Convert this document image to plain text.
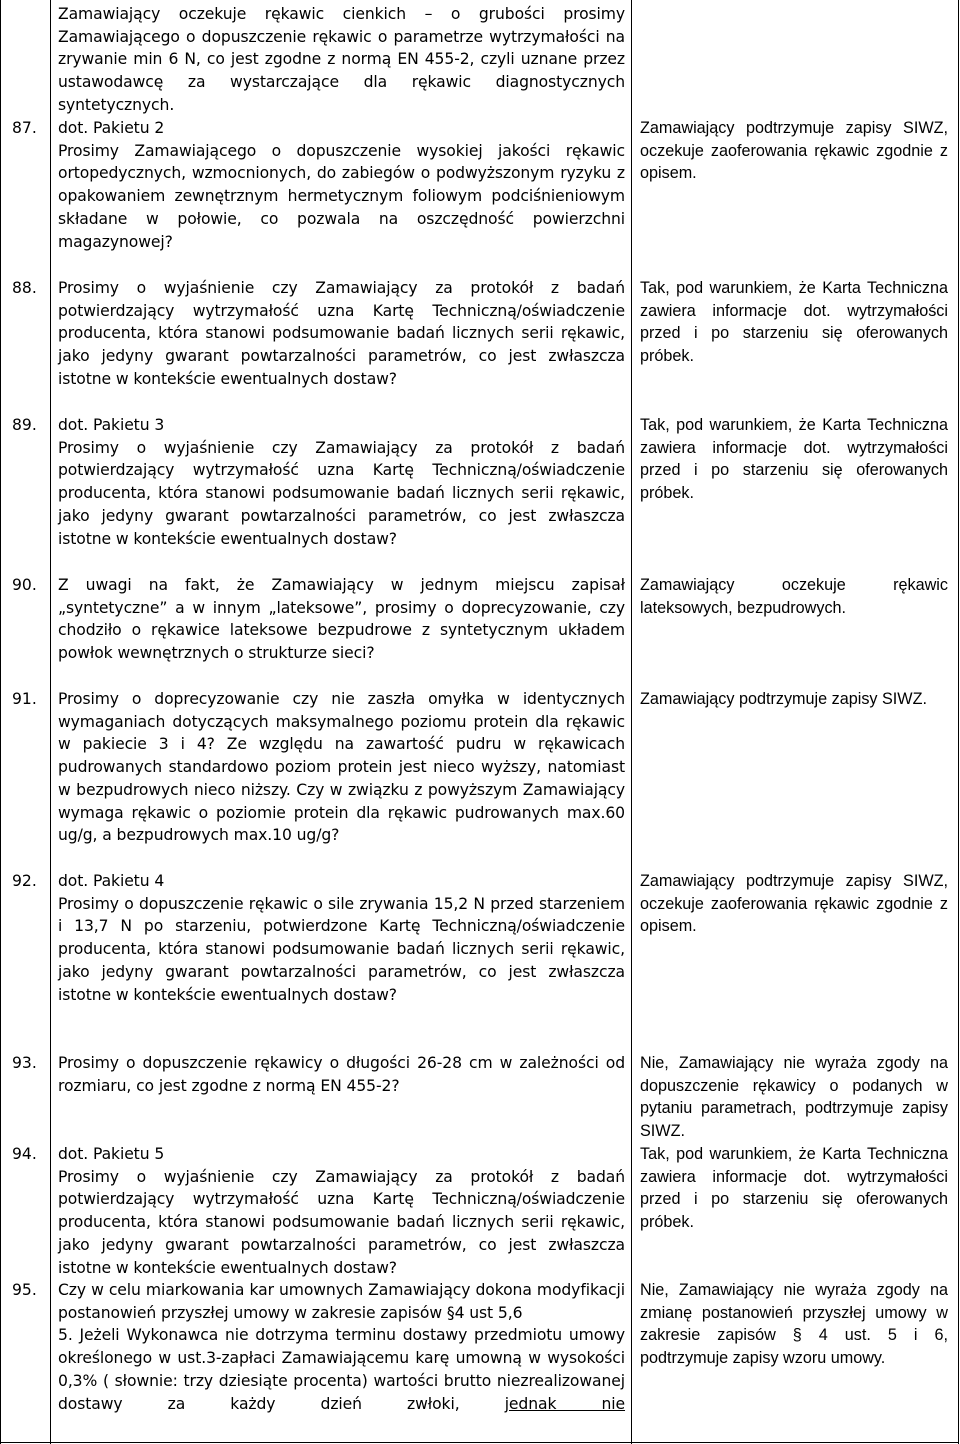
Zamawiający oczekuje rękawic cienkich – o grubości prosimy Zamawiającego o dopuszczenie rękawic o parametrze wytrzymałości na zrywanie min 6 N, co jest zgodne z normą EN 455-2, czyli uznane przez ustawodawcę za wystarczające dla rękawic diagnostycznych syntetycznych.
87. dot. Pakietu 2
Prosimy Zamawiającego o dopuszczenie wysokiej jakości rękawic ortopedycznych, wzmocnionych, do zabiegów o podwyższonym ryzyku z opakowaniem zewnętrznym hermetycznym foliowym podciśnieniowym składane w połowie, co pozwala na oszczędność powierzchni magazynowej?
Zamawiający podtrzymuje zapisy SIWZ, oczekuje zaoferowania rękawic zgodnie z opisem.
88. Prosimy o wyjaśnienie czy Zamawiający za protokół z badań potwierdzający wytrzymałość uzna Kartę Techniczną/oświadczenie producenta, która stanowi podsumowanie badań licznych serii rękawic, jako jedyny gwarant powtarzalności parametrów, co jest zwłaszcza istotne w kontekście ewentualnych dostaw?
Tak, pod warunkiem, że Karta Techniczna zawiera informacje dot. wytrzymałości przed i po starzeniu się oferowanych próbek.
89. dot. Pakietu 3
Prosimy o wyjaśnienie czy Zamawiający za protokół z badań potwierdzający wytrzymałość uzna Kartę Techniczną/oświadczenie producenta, która stanowi podsumowanie badań licznych serii rękawic, jako jedyny gwarant powtarzalności parametrów, co jest zwłaszcza istotne w kontekście ewentualnych dostaw?
Tak, pod warunkiem, że Karta Techniczna zawiera informacje dot. wytrzymałości przed i po starzeniu się oferowanych próbek.
90. Z uwagi na fakt, że Zamawiający w jednym miejscu zapisał „syntetyczne” a w innym „lateksowe”, prosimy o doprecyzowanie, czy chodziło o rękawice lateksowe bezpudrowe z syntetycznym układem powłok wewnętrznych o strukturze sieci?
Zamawiający oczekuje rękawic lateksowych, bezpudrowych.
91. Prosimy o doprecyzowanie czy nie zaszła omyłka w identycznych wymaganiach dotyczących maksymalnego poziomu protein dla rękawic w pakiecie 3 i 4? Ze względu na zawartość pudru w rękawicach pudrowanych standardowo poziom protein jest nieco wyższy, natomiast w bezpudrowych nieco niższy. Czy w związku z powyższym Zamawiający wymaga rękawic o poziomie protein dla rękawic pudrowanych max.60 ug/g, a bezpudrowych max.10 ug/g?
Zamawiający podtrzymuje zapisy SIWZ.
92. dot. Pakietu 4
Prosimy o dopuszczenie rękawic o sile zrywania 15,2 N przed starzeniem i 13,7 N po starzeniu, potwierdzone Kartę Techniczną/oświadczenie producenta, która stanowi podsumowanie badań licznych serii rękawic, jako jedyny gwarant powtarzalności parametrów, co jest zwłaszcza istotne w kontekście ewentualnych dostaw?
Zamawiający podtrzymuje zapisy SIWZ, oczekuje zaoferowania rękawic zgodnie z opisem.
93. Prosimy o dopuszczenie rękawicy o długości 26-28 cm w zależności od rozmiaru, co jest zgodne z normą EN 455-2?
Nie, Zamawiający nie wyraża zgody na dopuszczenie rękawicy o podanych w pytaniu parametrach, podtrzymuje zapisy SIWZ.
94. dot. Pakietu 5
Prosimy o wyjaśnienie czy Zamawiający za protokół z badań potwierdzający wytrzymałość uzna Kartę Techniczną/oświadczenie producenta, która stanowi podsumowanie badań licznych serii rękawic, jako jedyny gwarant powtarzalności parametrów, co jest zwłaszcza istotne w kontekście ewentualnych dostaw?
Tak, pod warunkiem, że Karta Techniczna zawiera informacje dot. wytrzymałości przed i po starzeniu się oferowanych próbek.
95. Czy w celu miarkowania kar umownych Zamawiający dokona modyfikacji postanowień przyszłej umowy w zakresie zapisów §4 ust 5,6
5. Jeżeli Wykonawca nie dotrzyma terminu dostawy przedmiotu umowy określonego w ust.3-zapłaci Zamawiającemu karę umowną w wysokości 0,3% ( słownie: trzy dziesiąte procenta) wartości brutto niezrealizowanej dostawy za każdy dzień zwłoki, jednak nie
Nie, Zamawiający nie wyraża zgody na zmianę postanowień przyszłej umowy w zakresie zapisów § 4 ust. 5 i 6, podtrzymuje zapisy wzoru umowy.
